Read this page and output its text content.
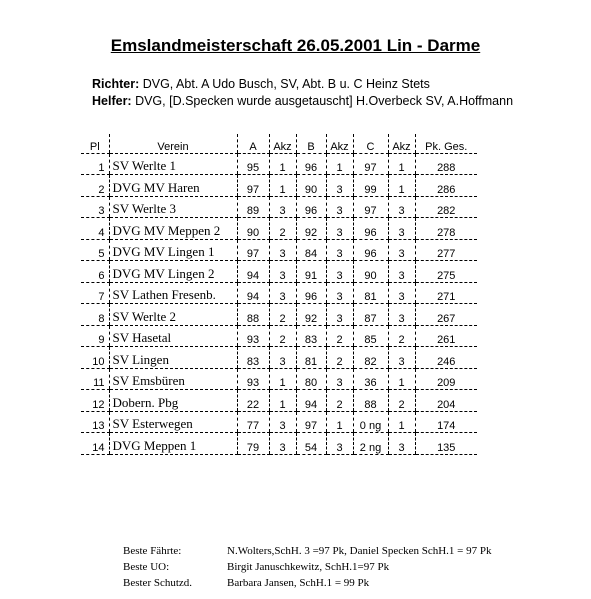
Emslandmeisterschaft 26.05.2001 Lin - Darme
Richter: DVG, Abt. A Udo Busch, SV, Abt. B u. C Heinz Stets
Helfer: DVG, [D.Specken wurde ausgetauscht] H.Overbeck SV, A.Hoffmann
Pl	Verein	A	Akz	B	Akz	C	Akz	Pk. Ges.
1	SV Werlte 1	95	1	96	1	97	1	288
2	DVG MV Haren	97	1	90	3	99	1	286
3	SV Werlte 3	89	3	96	3	97	3	282
4	DVG MV Meppen 2	90	2	92	3	96	3	278
5	DVG MV Lingen 1	97	3	84	3	96	3	277
6	DVG MV Lingen 2	94	3	91	3	90	3	275
7	SV Lathen Fresenb.	94	3	96	3	81	3	271
8	SV Werlte 2	88	2	92	3	87	3	267
9	SV Hasetal	93	2	83	2	85	2	261
10	SV Lingen	83	3	81	2	82	3	246
11	SV Emsbüren	93	1	80	3	36	1	209
12	Dobern. Pbg	22	1	94	2	88	2	204
13	SV Esterwegen	77	3	97	1	0 ng	1	174
14	DVG Meppen 1	79	3	54	3	2 ng	3	135
Beste Fährte:	N.Wolters,SchH. 3 =97 Pk, Daniel Specken SchH.1 = 97 Pk
Beste UO:	Birgit Januschkewitz, SchH.1=97 Pk
Bester Schutzd.	Barbara Jansen, SchH.1 = 99 Pk
